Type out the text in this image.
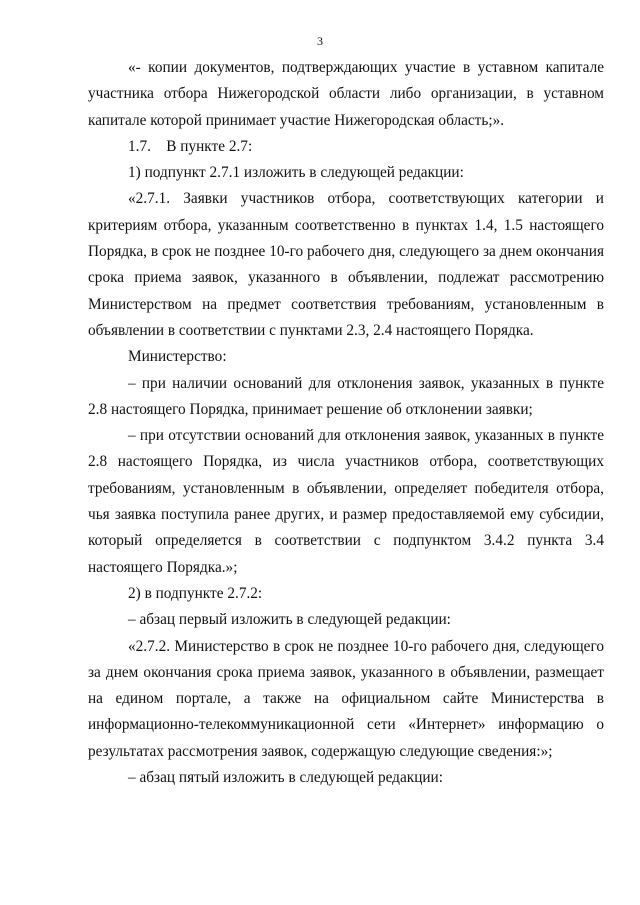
3

«- копии документов, подтверждающих участие в уставном капитале участника отбора Нижегородской области либо организации, в уставном капитале которой принимает участие Нижегородская область;».

1.7.    В пункте 2.7:

1) подпункт 2.7.1 изложить в следующей редакции:

«2.7.1. Заявки участников отбора, соответствующих категории и критериям отбора, указанным соответственно в пунктах 1.4, 1.5 настоящего Порядка, в срок не позднее 10-го рабочего дня, следующего за днем окончания срока приема заявок, указанного в объявлении, подлежат рассмотрению Министерством на предмет соответствия требованиям, установленным в объявлении в соответствии с пунктами 2.3, 2.4 настоящего Порядка.

Министерство:

– при наличии оснований для отклонения заявок, указанных в пункте 2.8 настоящего Порядка, принимает решение об отклонении заявки;

– при отсутствии оснований для отклонения заявок, указанных в пункте 2.8 настоящего Порядка, из числа участников отбора, соответствующих требованиям, установленным в объявлении, определяет победителя отбора, чья заявка поступила ранее других, и размер предоставляемой ему субсидии, который определяется в соответствии с подпунктом 3.4.2 пункта 3.4 настоящего Порядка.»;

2) в подпункте 2.7.2:

– абзац первый изложить в следующей редакции:

«2.7.2. Министерство в срок не позднее 10-го рабочего дня, следующего за днем окончания срока приема заявок, указанного в объявлении, размещает на едином портале, а также на официальном сайте Министерства в информационно-телекоммуникационной сети «Интернет» информацию о результатах рассмотрения заявок, содержащую следующие сведения:»;

– абзац пятый изложить в следующей редакции:
